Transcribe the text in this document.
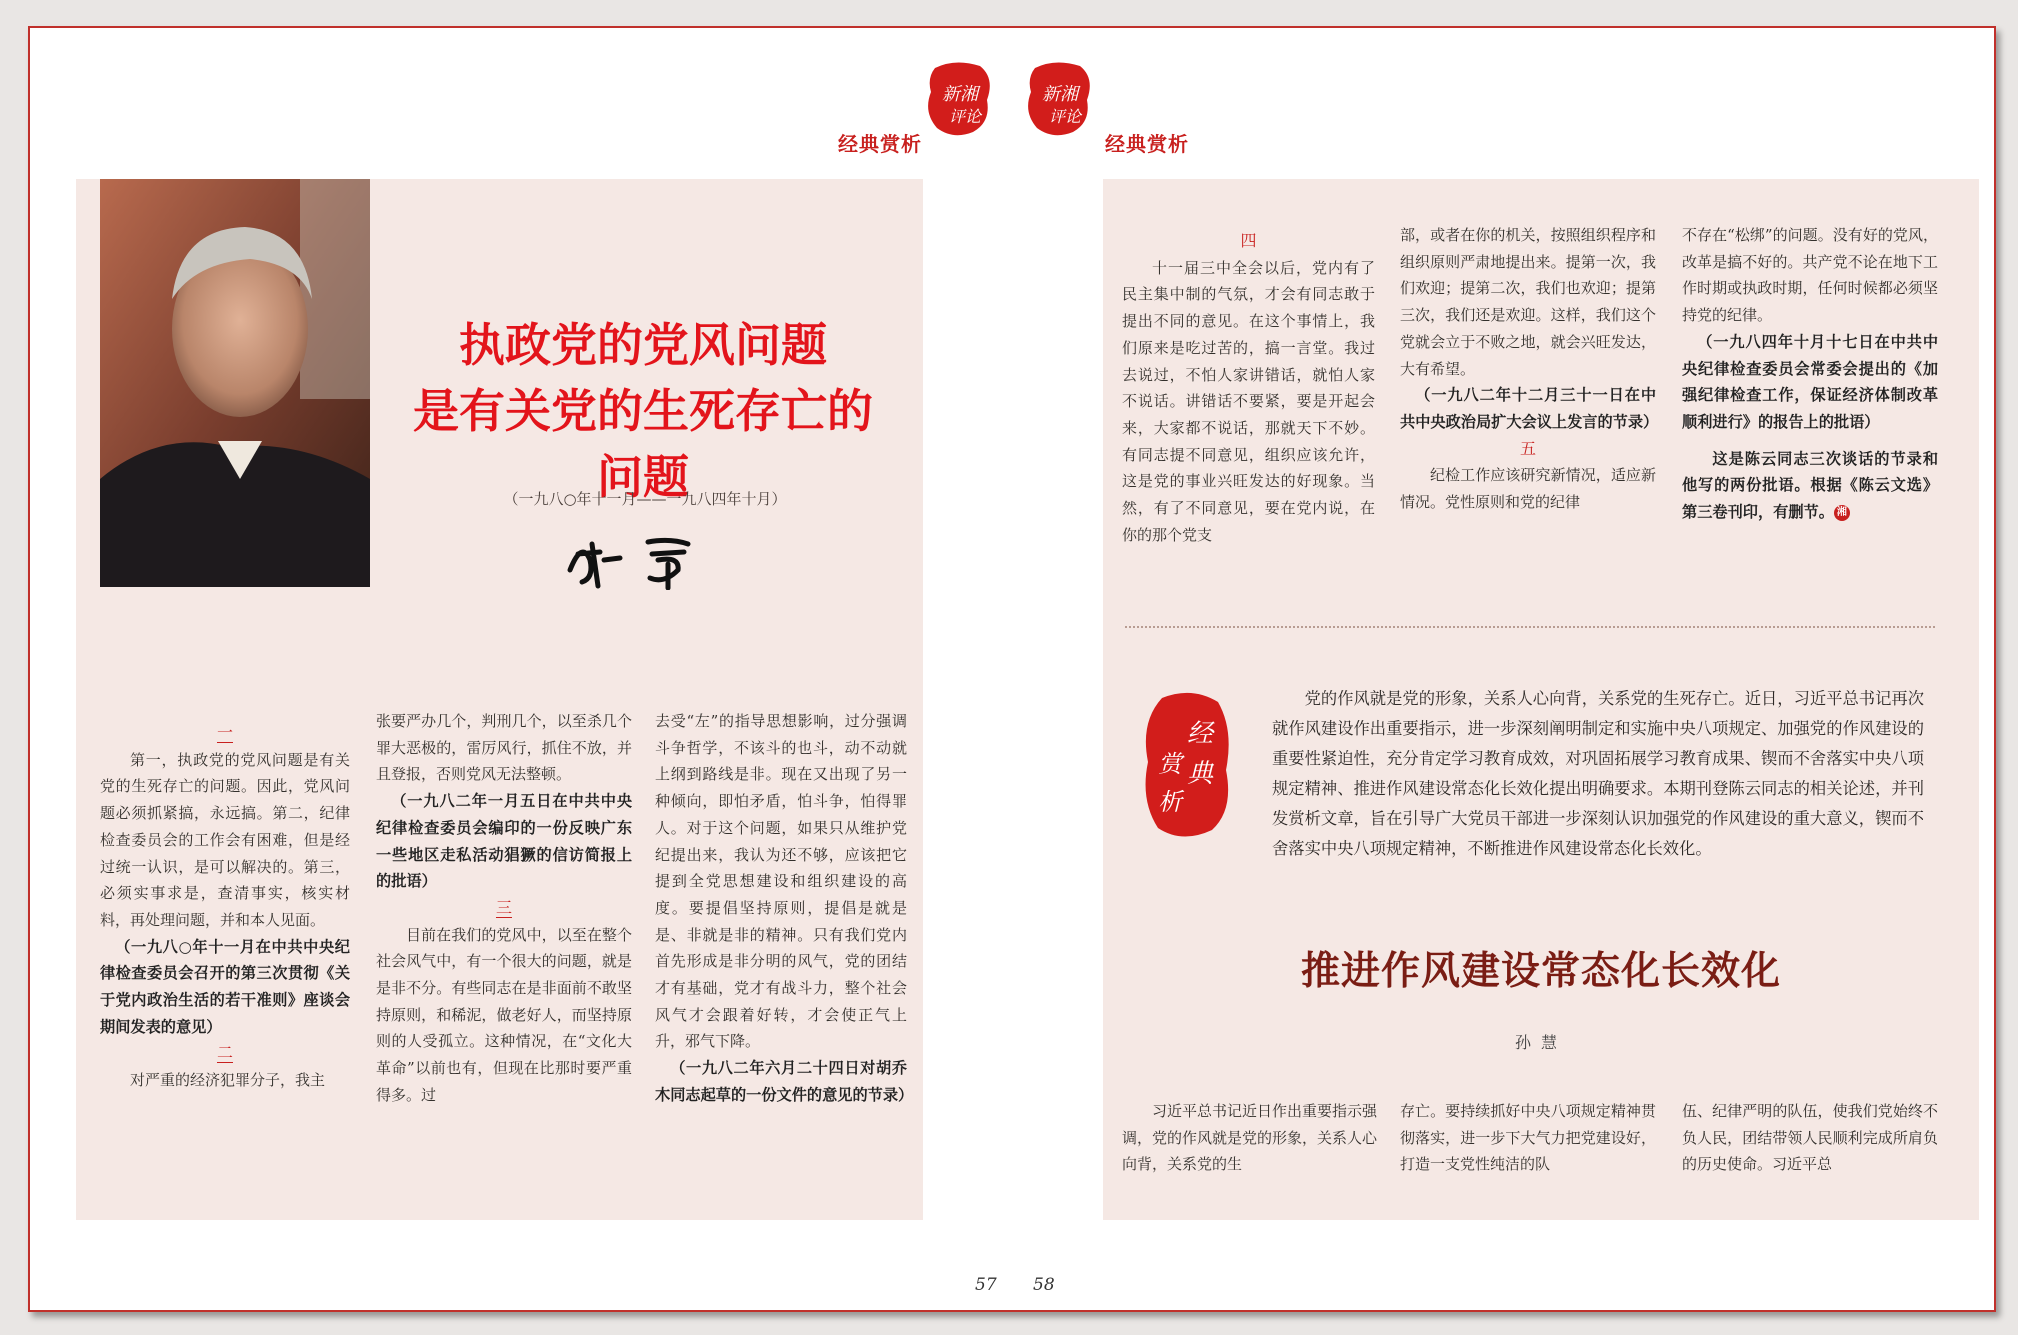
经典赏析
新湘
评论
新湘
评论
经典赏析
执政党的党风问题
是有关党的生死存亡的问题
（一九八○年十一月——一九八四年十月）

一

第一，执政党的党风问题是有关党的生死存亡的问题。因此，党风问题必须抓紧搞，永远搞。第二，纪律检查委员会的工作会有困难，但是经过统一认识，是可以解决的。第三，必须实事求是，查清事实，核实材料，再处理问题，并和本人见面。

（一九八○年十一月在中共中央纪律检查委员会召开的第三次贯彻《关于党内政治生活的若干准则》座谈会期间发表的意见）

二

对严重的经济犯罪分子，我主

张要严办几个，判刑几个，以至杀几个罪大恶极的，雷厉风行，抓住不放，并且登报，否则党风无法整顿。

（一九八二年一月五日在中共中央纪律检查委员会编印的一份反映广东一些地区走私活动猖獗的信访简报上的批语）

三

目前在我们的党风中，以至在整个社会风气中，有一个很大的问题，就是是非不分。有些同志在是非面前不敢坚持原则，和稀泥，做老好人，而坚持原则的人受孤立。这种情况，在“文化大革命”以前也有，但现在比那时要严重得多。过

去受“左”的指导思想影响，过分强调斗争哲学，不该斗的也斗，动不动就上纲到路线是非。现在又出现了另一种倾向，即怕矛盾，怕斗争，怕得罪人。对于这个问题，如果只从维护党纪提出来，我认为还不够，应该把它提到全党思想建设和组织建设的高度。要提倡坚持原则，提倡是就是是、非就是非的精神。只有我们党内首先形成是非分明的风气，党的团结才有基础，党才有战斗力，整个社会风气才会跟着好转，才会使正气上升，邪气下降。

（一九八二年六月二十四日对胡乔木同志起草的一份文件的意见的节录）

四

十一届三中全会以后，党内有了民主集中制的气氛，才会有同志敢于提出不同的意见。在这个事情上，我们原来是吃过苦的，搞一言堂。我过去说过，不怕人家讲错话，就怕人家不说话。讲错话不要紧，要是开起会来，大家都不说话，那就天下不妙。有同志提不同意见，组织应该允许，这是党的事业兴旺发达的好现象。当然，有了不同意见，要在党内说，在你的那个党支

部，或者在你的机关，按照组织程序和组织原则严肃地提出来。提第一次，我们欢迎；提第二次，我们也欢迎；提第三次，我们还是欢迎。这样，我们这个党就会立于不败之地，就会兴旺发达，大有希望。

（一九八二年十二月三十一日在中共中央政治局扩大会议上发言的节录）

五

纪检工作应该研究新情况，适应新情况。党性原则和党的纪律

不存在“松绑”的问题。没有好的党风，改革是搞不好的。共产党不论在地下工作时期或执政时期，任何时候都必须坚持党的纪律。

（一九八四年十月十七日在中共中央纪律检查委员会常委会提出的《加强纪律检查工作，保证经济体制改革顺利进行》的报告上的批语）

这是陈云同志三次谈话的节录和他写的两份批语。根据《陈云文选》第三卷刊印，有删节。 湘

经
典
赏
析
党的作风就是党的形象，关系人心向背，关系党的生死存亡。近日，习近平总书记再次就作风建设作出重要指示，进一步深刻阐明制定和实施中央八项规定、加强党的作风建设的重要性紧迫性，充分肯定学习教育成效，对巩固拓展学习教育成果、锲而不舍落实中央八项规定精神、推进作风建设常态化长效化提出明确要求。本期刊登陈云同志的相关论述，并刊发赏析文章，旨在引导广大党员干部进一步深刻认识加强党的作风建设的重大意义，锲而不舍落实中央八项规定精神，不断推进作风建设常态化长效化。
推进作风建设常态化长效化
孙慧

习近平总书记近日作出重要指示强调，党的作风就是党的形象，关系人心向背，关系党的生

存亡。要持续抓好中央八项规定精神贯彻落实，进一步下大气力把党建设好，打造一支党性纯洁的队

伍、纪律严明的队伍，使我们党始终不负人民，团结带领人民顺利完成所肩负的历史使命。习近平总

57 58
